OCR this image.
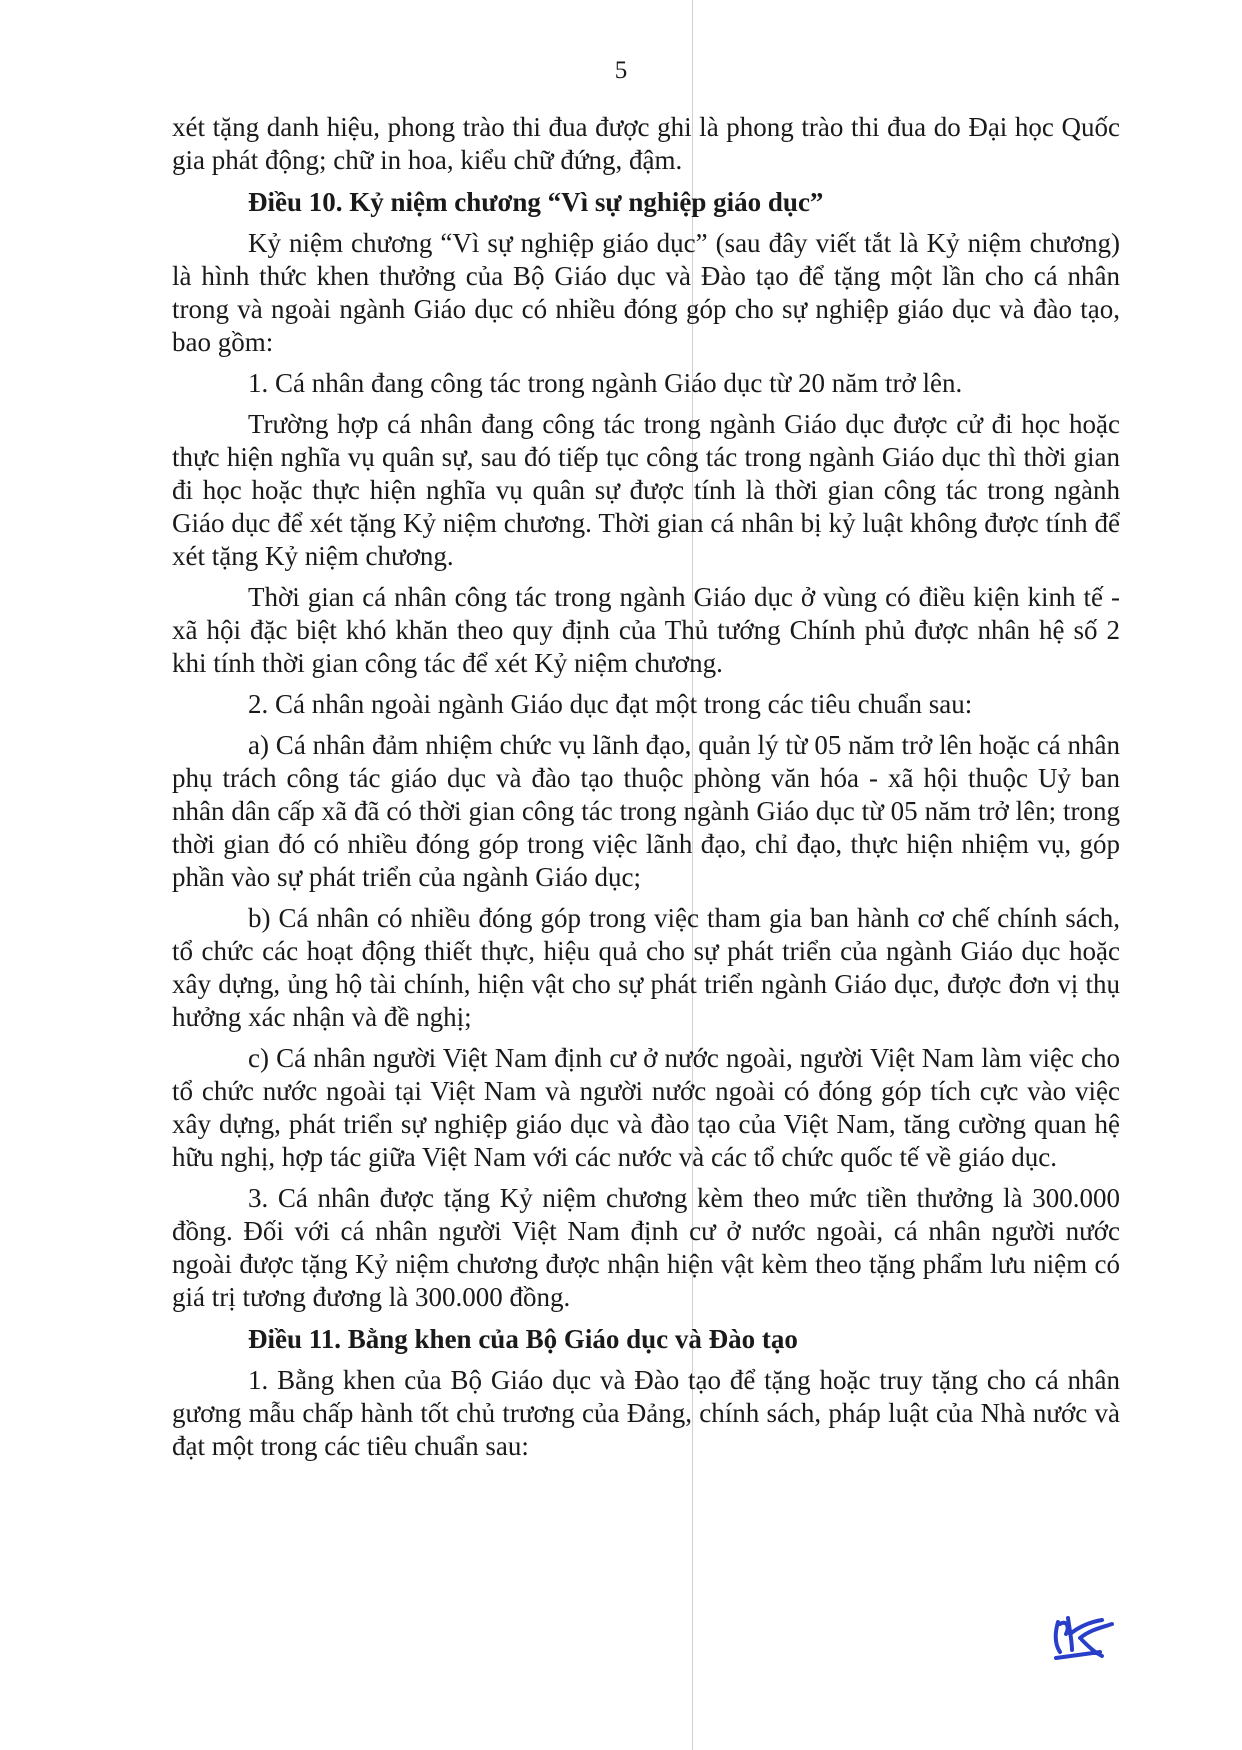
5

xét tặng danh hiệu, phong trào thi đua được ghi là phong trào thi đua do Đại học Quốc gia phát động; chữ in hoa, kiểu chữ đứng, đậm.

Điều 10. Kỷ niệm chương “Vì sự nghiệp giáo dục”

Kỷ niệm chương “Vì sự nghiệp giáo dục” (sau đây viết tắt là Kỷ niệm chương) là hình thức khen thưởng của Bộ Giáo dục và Đào tạo để tặng một lần cho cá nhân trong và ngoài ngành Giáo dục có nhiều đóng góp cho sự nghiệp giáo dục và đào tạo, bao gồm:

1. Cá nhân đang công tác trong ngành Giáo dục từ 20 năm trở lên.

Trường hợp cá nhân đang công tác trong ngành Giáo dục được cử đi học hoặc thực hiện nghĩa vụ quân sự, sau đó tiếp tục công tác trong ngành Giáo dục thì thời gian đi học hoặc thực hiện nghĩa vụ quân sự được tính là thời gian công tác trong ngành Giáo dục để xét tặng Kỷ niệm chương. Thời gian cá nhân bị kỷ luật không được tính để xét tặng Kỷ niệm chương.

Thời gian cá nhân công tác trong ngành Giáo dục ở vùng có điều kiện kinh tế - xã hội đặc biệt khó khăn theo quy định của Thủ tướng Chính phủ được nhân hệ số 2 khi tính thời gian công tác để xét Kỷ niệm chương.

2. Cá nhân ngoài ngành Giáo dục đạt một trong các tiêu chuẩn sau:

a) Cá nhân đảm nhiệm chức vụ lãnh đạo, quản lý từ 05 năm trở lên hoặc cá nhân phụ trách công tác giáo dục và đào tạo thuộc phòng văn hóa - xã hội thuộc Uỷ ban nhân dân cấp xã đã có thời gian công tác trong ngành Giáo dục từ 05 năm trở lên; trong thời gian đó có nhiều đóng góp trong việc lãnh đạo, chỉ đạo, thực hiện nhiệm vụ, góp phần vào sự phát triển của ngành Giáo dục;

b) Cá nhân có nhiều đóng góp trong việc tham gia ban hành cơ chế chính sách, tổ chức các hoạt động thiết thực, hiệu quả cho sự phát triển của ngành Giáo dục hoặc xây dựng, ủng hộ tài chính, hiện vật cho sự phát triển ngành Giáo dục, được đơn vị thụ hưởng xác nhận và đề nghị;

c) Cá nhân người Việt Nam định cư ở nước ngoài, người Việt Nam làm việc cho tổ chức nước ngoài tại Việt Nam và người nước ngoài có đóng góp tích cực vào việc xây dựng, phát triển sự nghiệp giáo dục và đào tạo của Việt Nam, tăng cường quan hệ hữu nghị, hợp tác giữa Việt Nam với các nước và các tổ chức quốc tế về giáo dục.

3. Cá nhân được tặng Kỷ niệm chương kèm theo mức tiền thưởng là 300.000 đồng. Đối với cá nhân người Việt Nam định cư ở nước ngoài, cá nhân người nước ngoài được tặng Kỷ niệm chương được nhận hiện vật kèm theo tặng phẩm lưu niệm có giá trị tương đương là 300.000 đồng.

Điều 11. Bằng khen của Bộ Giáo dục và Đào tạo

1. Bằng khen của Bộ Giáo dục và Đào tạo để tặng hoặc truy tặng cho cá nhân gương mẫu chấp hành tốt chủ trương của Đảng, chính sách, pháp luật của Nhà nước và đạt một trong các tiêu chuẩn sau:
